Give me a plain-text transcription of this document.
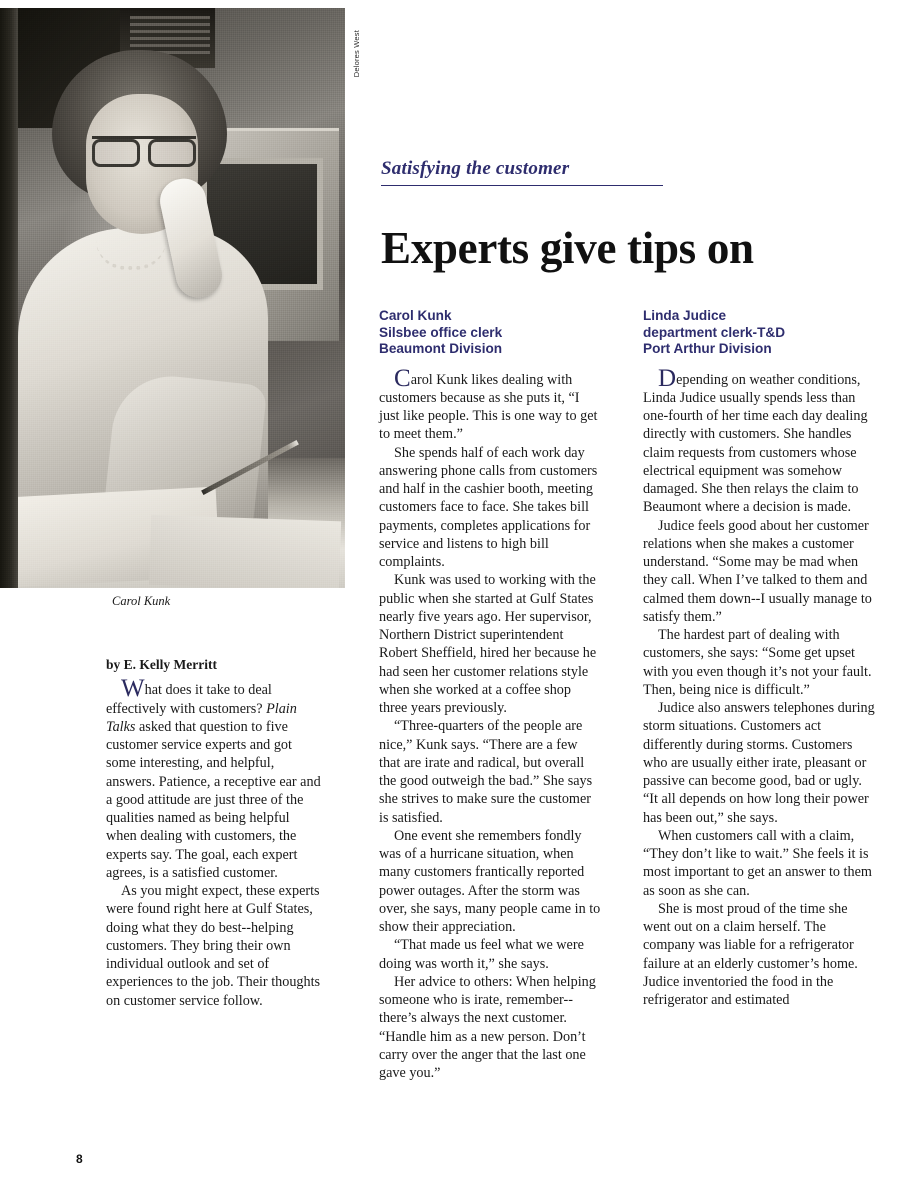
Delores West
Carol Kunk
Satisfying the customer
Experts give tips on
by E. Kelly Merritt

What does it take to deal effectively with customers? Plain Talks asked that question to five customer service experts and got some interesting, and helpful, answers. Patience, a receptive ear and a good attitude are just three of the qualities named as being helpful when dealing with customers, the experts say. The goal, each expert agrees, is a satisfied customer.

As you might expect, these experts were found right here at Gulf States, doing what they do best--helping customers. They bring their own individual outlook and set of experiences to the job. Their thoughts on customer service follow.

Carol Kunk
Silsbee office clerk
Beaumont Division

Carol Kunk likes dealing with customers because as she puts it, “I just like people. This is one way to get to meet them.”

She spends half of each work day answering phone calls from customers and half in the cashier booth, meeting customers face to face. She takes bill payments, completes applications for service and listens to high bill complaints.

Kunk was used to working with the public when she started at Gulf States nearly five years ago. Her supervisor, Northern District superintendent Robert Sheffield, hired her because he had seen her customer relations style when she worked at a coffee shop three years previously.

“Three-quarters of the people are nice,” Kunk says. “There are a few that are irate and radical, but overall the good outweigh the bad.” She says she strives to make sure the customer is satisfied.

One event she remembers fondly was of a hurricane situation, when many customers frantically reported power outages. After the storm was over, she says, many people came in to show their appreciation.

“That made us feel what we were doing was worth it,” she says.

Her advice to others: When helping someone who is irate, remember--there’s always the next customer. “Handle him as a new person. Don’t carry over the anger that the last one gave you.”

Linda Judice
department clerk-T&D
Port Arthur Division

Depending on weather conditions, Linda Judice usually spends less than one-fourth of her time each day dealing directly with customers. She handles claim requests from customers whose electrical equipment was somehow damaged. She then relays the claim to Beaumont where a decision is made.

Judice feels good about her customer relations when she makes a customer understand. “Some may be mad when they call. When I’ve talked to them and calmed them down--I usually manage to satisfy them.”

The hardest part of dealing with customers, she says: “Some get upset with you even though it’s not your fault. Then, being nice is difficult.”

Judice also answers telephones during storm situations. Customers act differently during storms. Customers who are usually either irate, pleasant or passive can become good, bad or ugly. “It all depends on how long their power has been out,” she says.

When customers call with a claim, “They don’t like to wait.” She feels it is most important to get an answer to them as soon as she can.

She is most proud of the time she went out on a claim herself. The company was liable for a refrigerator failure at an elderly customer’s home. Judice inventoried the food in the refrigerator and estimated

8
